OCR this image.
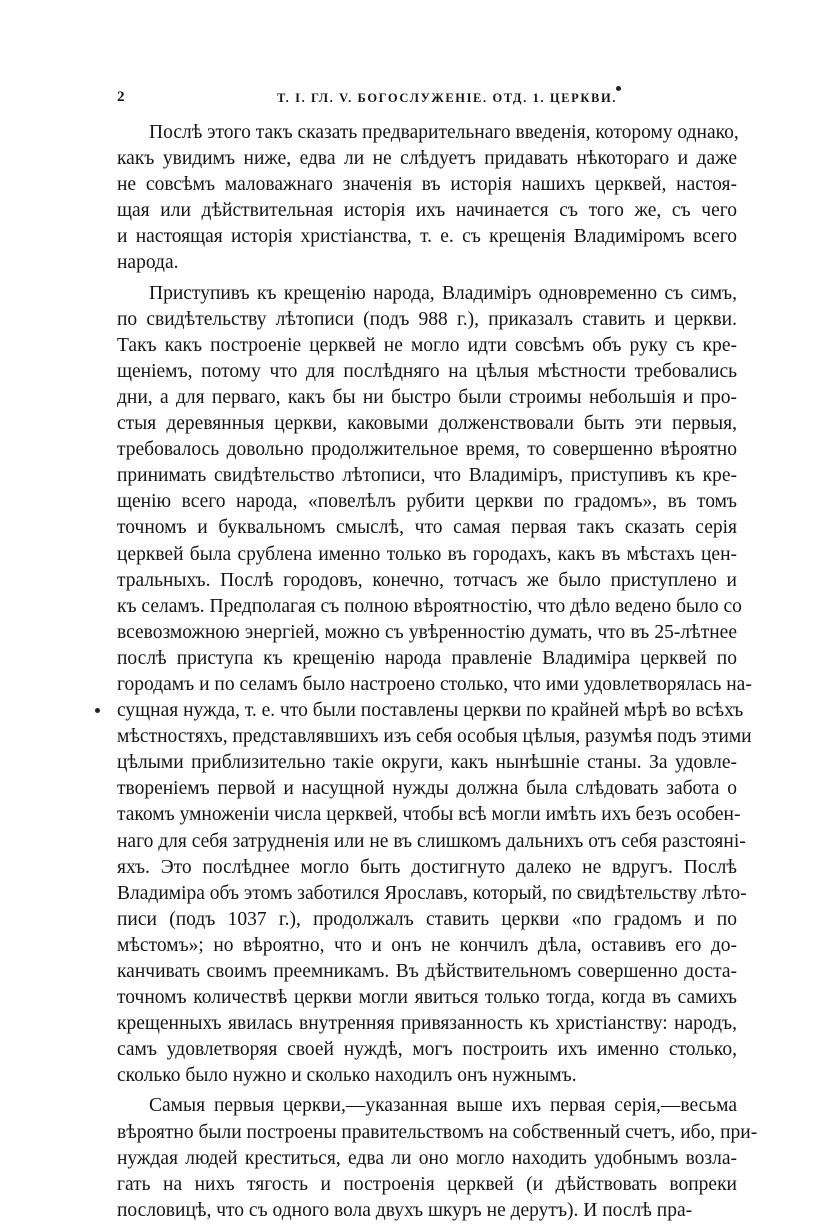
2	Т. I. ГЛ. V. БОГОСЛУЖЕНІЕ. ОТД. 1. ЦЕРКВИ.
Послѣ этого такъ сказать предварительнаго введенія, которому однако,
какъ увидимъ ниже, едва ли не слѣдуетъ придавать нѣкотораго и даже
не совсѣмъ маловажнаго значенія въ исторія нашихъ церквей, настоя-
щая или дѣйствительная исторія ихъ начинается съ того же, съ чего
и настоящая исторія христіанства, т. е. съ крещенія Владиміромъ всего
народа.
Приступивъ къ крещенію народа, Владиміръ одновременно съ симъ,
по свидѣтельству лѣтописи (подъ 988 г.), приказалъ ставить и церкви.
Такъ какъ построеніе церквей не могло идти совсѣмъ объ руку съ кре-
щеніемъ, потому что для послѣдняго на цѣлыя мѣстности требовались
дни, а для перваго, какъ бы ни быстро были строимы небольшія и про-
стыя деревянныя церкви, каковыми долженствовали быть эти первыя,
требовалось довольно продолжительное время, то совершенно вѣроятно
принимать свидѣтельство лѣтописи, что Владиміръ, приступивъ къ кре-
щенію всего народа, «повелѣлъ рубити церкви по градомъ», въ томъ
точномъ и буквальномъ смыслѣ, что самая первая такъ сказать серія
церквей была срублена именно только въ городахъ, какъ въ мѣстахъ цен-
тральныхъ. Послѣ городовъ, конечно, тотчасъ же было приступлено и
къ селамъ. Предполагая съ полною вѣроятностію, что дѣло ведено было со
всевозможною энергіей, можно съ увѣренностію думать, что въ 25-лѣтнее
послѣ приступа къ крещенію народа правленіе Владиміра церквей по
городамъ и по селамъ было настроено столько, что ими удовлетворялась на-
сущная нужда, т. е. что были поставлены церкви по крайней мѣрѣ во всѣхъ
мѣстностяхъ, представлявшихъ изъ себя особыя цѣлыя, разумѣя подъ этими
цѣлыми приблизительно такіе округи, какъ нынѣшніе станы. За удовле-
твореніемъ первой и насущной нужды должна была слѣдовать забота о
такомъ умноженіи числа церквей, чтобы всѣ могли имѣть ихъ безъ особен-
наго для себя затрудненія или не въ слишкомъ дальнихъ отъ себя разстояні-
яхъ. Это послѣднее могло быть достигнуто далеко не вдругъ. Послѣ
Владиміра объ этомъ заботился Ярославъ, который, по свидѣтельству лѣто-
писи (подъ 1037 г.), продолжалъ ставить церкви «по градомъ и по
мѣстомъ»; но вѣроятно, что и онъ не кончилъ дѣла, оставивъ его до-
канчивать своимъ преемникамъ. Въ дѣйствительномъ совершенно доста-
точномъ количествѣ церкви могли явиться только тогда, когда въ самихъ
крещенныхъ явилась внутренняя привязанность къ христіанству: народъ,
самъ удовлетворяя своей нуждѣ, могъ построить ихъ именно столько,
сколько было нужно и сколько находилъ онъ нужнымъ.
Самыя первыя церкви,—указанная выше ихъ первая серія,—весьма
вѣроятно были построены правительствомъ на собственный счетъ, ибо, при-
нуждая людей креститься, едва ли оно могло находить удобнымъ возла-
гать на нихъ тягость и построенія церквей (и дѣйствовать вопреки
пословицѣ, что съ одного вола двухъ шкуръ не дерутъ). И послѣ пра-
